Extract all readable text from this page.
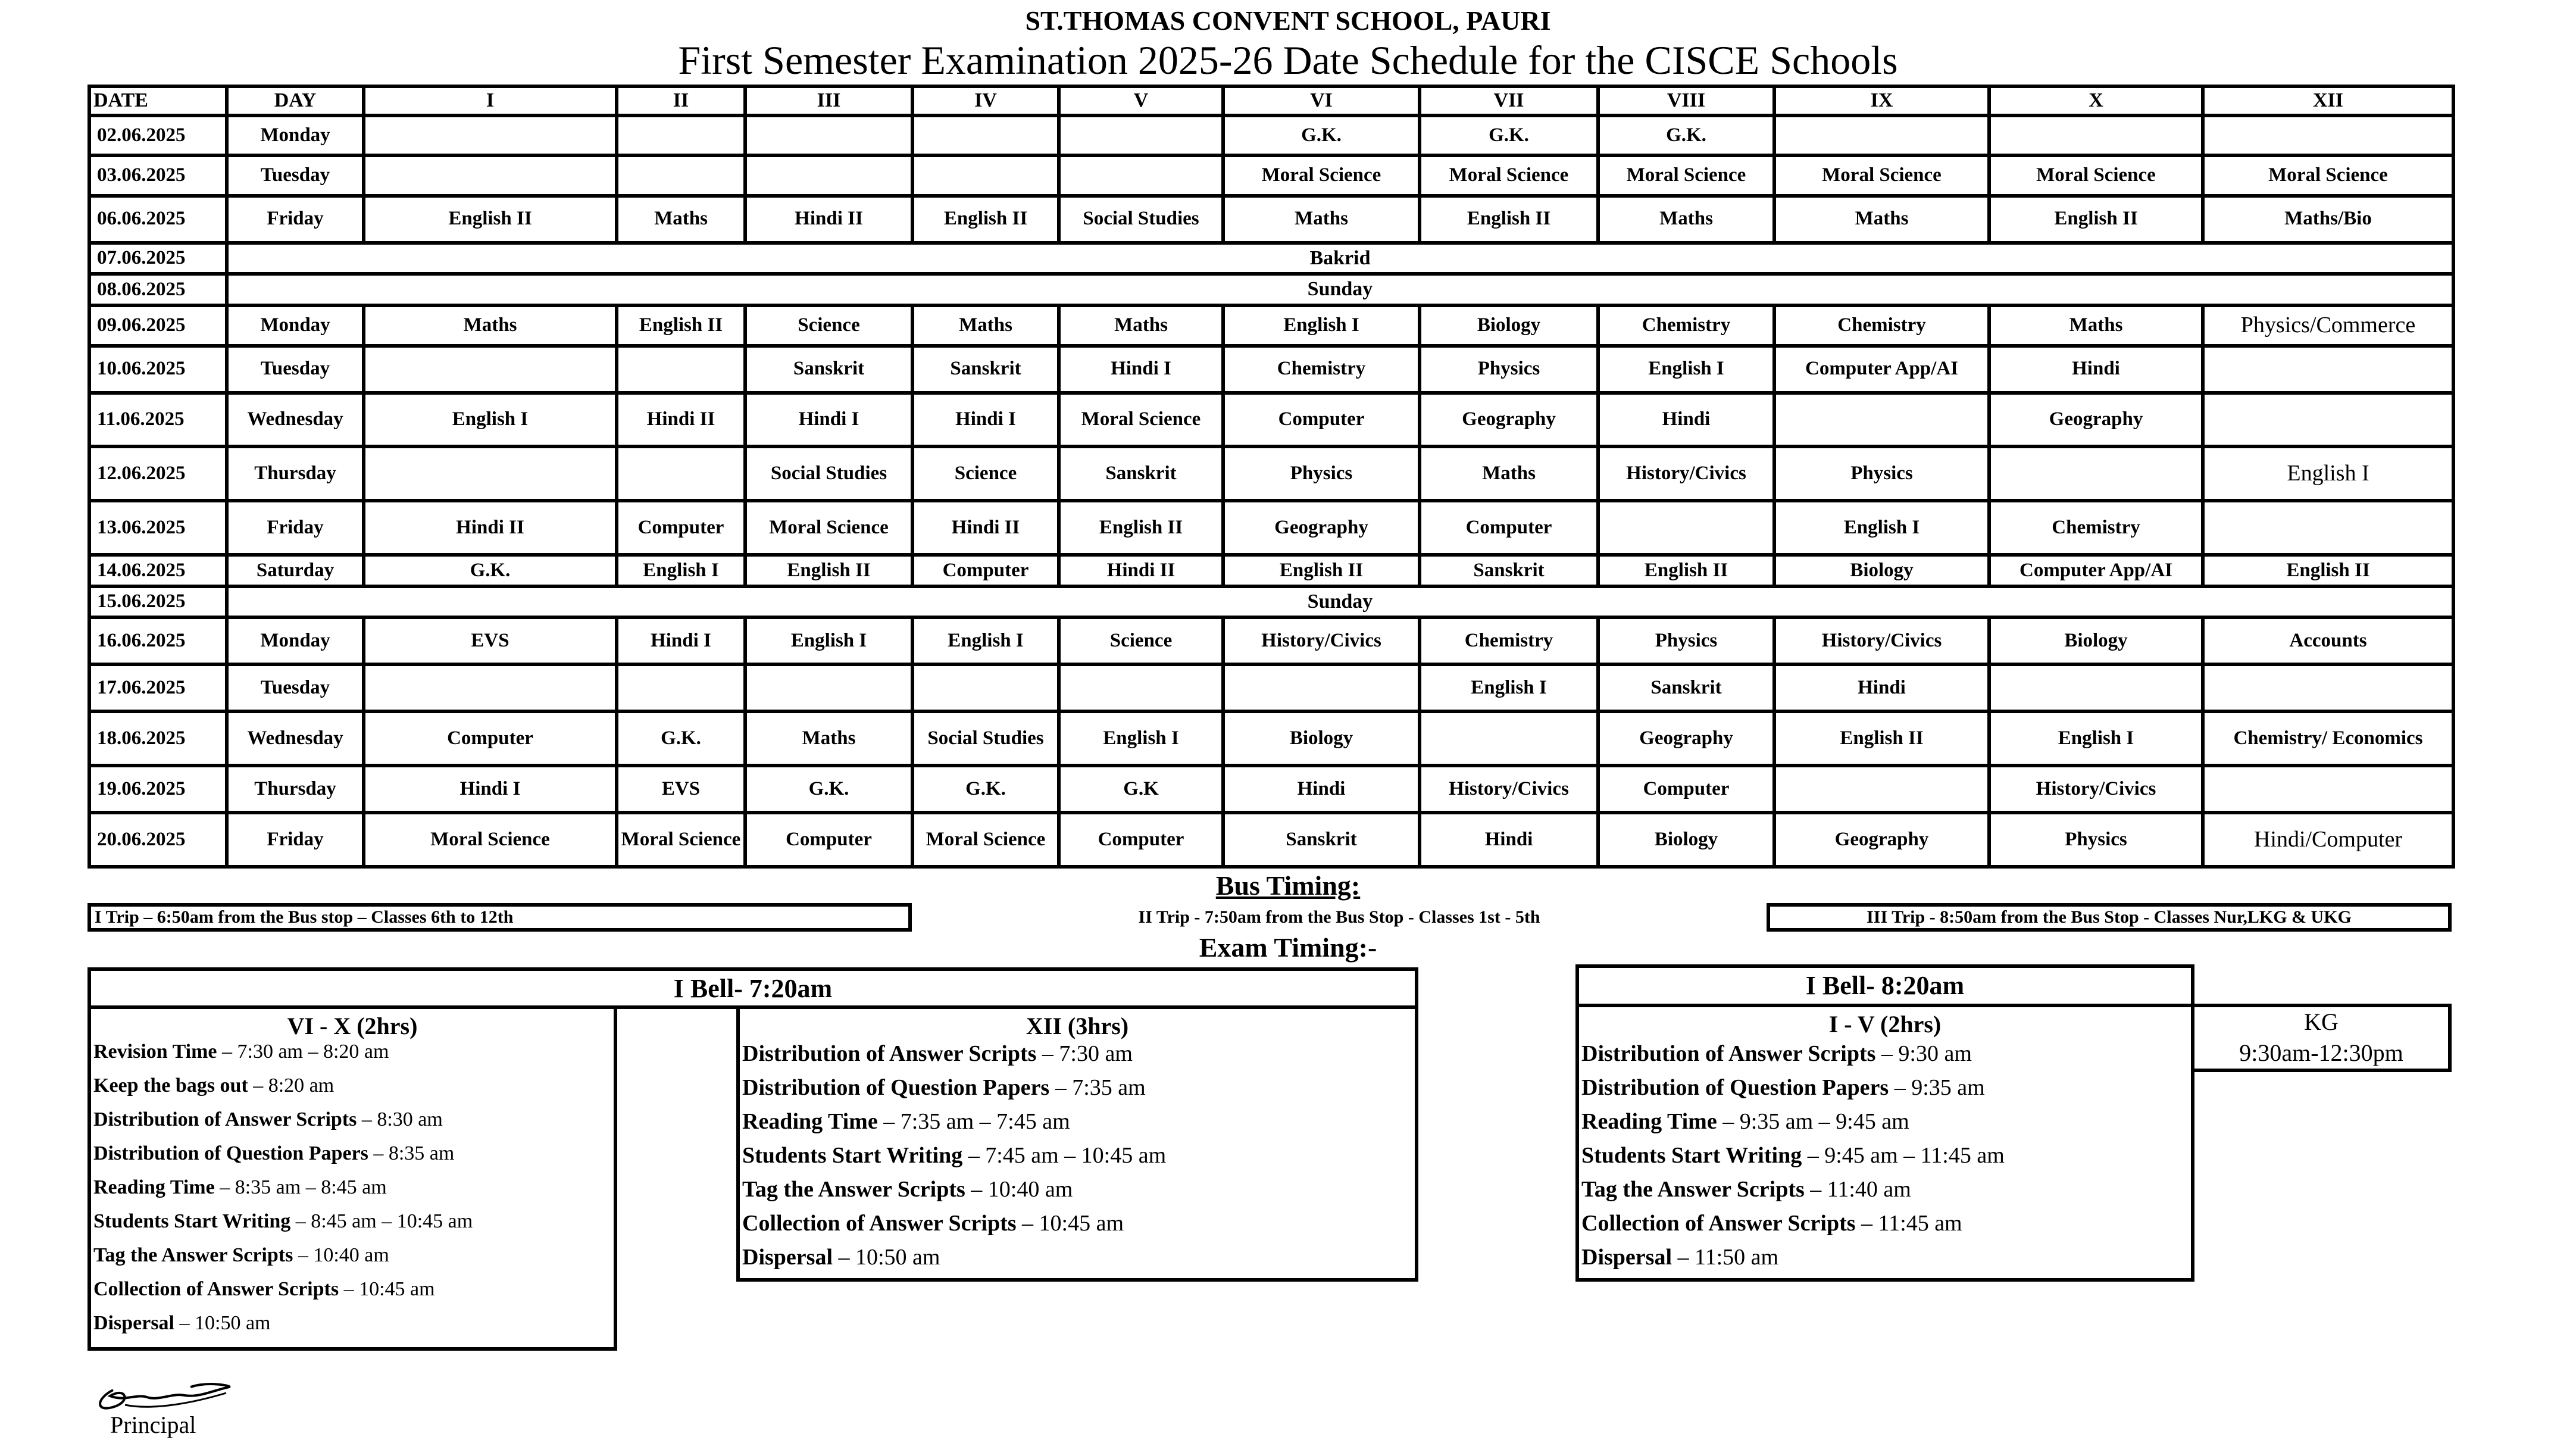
ST.THOMAS CONVENT SCHOOL, PAURI
First Semester Examination 2025-26 Date Schedule for the CISCE Schools
DATE	DAY	I	II	III	IV	V	VI	VII	VIII	IX	X	XII
02.06.2025	Monday						G.K.	G.K.	G.K.			
03.06.2025	Tuesday						Moral Science	Moral Science	Moral Science	Moral Science	Moral Science	Moral Science
06.06.2025	Friday	English II	Maths	Hindi II	English II	Social Studies	Maths	English II	Maths	Maths	English II	Maths/Bio
07.06.2025	Bakrid											
08.06.2025	Sunday											
09.06.2025	Monday	Maths	English II	Science	Maths	Maths	English I	Biology	Chemistry	Chemistry	Maths	Physics/Commerce
10.06.2025	Tuesday			Sanskrit	Sanskrit	Hindi I	Chemistry	Physics	English I	Computer App/AI	Hindi	
11.06.2025	Wednesday	English I	Hindi II	Hindi I	Hindi I	Moral Science	Computer	Geography	Hindi		Geography	
12.06.2025	Thursday			Social Studies	Science	Sanskrit	Physics	Maths	History/Civics	Physics		English I
13.06.2025	Friday	Hindi II	Computer	Moral Science	Hindi II	English II	Geography	Computer		English I	Chemistry	
14.06.2025	Saturday	G.K.	English I	English II	Computer	Hindi II	English II	Sanskrit	English II	Biology	Computer App/AI	English II
15.06.2025	Sunday											
16.06.2025	Monday	EVS	Hindi I	English I	English I	Science	History/Civics	Chemistry	Physics	History/Civics	Biology	Accounts
17.06.2025	Tuesday							English I	Sanskrit	Hindi		
18.06.2025	Wednesday	Computer	G.K.	Maths	Social Studies	English I	Biology		Geography	English II	English I	Chemistry/ Economics
19.06.2025	Thursday	Hindi I	EVS	G.K.	G.K.	G.K	Hindi	History/Civics	Computer		History/Civics	
20.06.2025	Friday	Moral Science	Moral Science	Computer	Moral Science	Computer	Sanskrit	Hindi	Biology	Geography	Physics	Hindi/Computer
Bus Timing:
I Trip – 6:50am from the Bus stop – Classes 6th to 12th	II Trip - 7:50am from the Bus Stop - Classes 1st - 5th	III Trip - 8:50am from the Bus Stop - Classes Nur,LKG & UKG
Exam Timing:-
I Bell- 7:20am
VI - X (2hrs)
Revision Time – 7:30 am – 8:20 am
Keep the bags out – 8:20 am
Distribution of Answer Scripts – 8:30 am
Distribution of Question Papers – 8:35 am
Reading Time – 8:35 am – 8:45 am
Students Start Writing – 8:45 am – 10:45 am
Tag the Answer Scripts – 10:40 am
Collection of Answer Scripts – 10:45 am
Dispersal – 10:50 am
XII (3hrs)
Distribution of Answer Scripts – 7:30 am
Distribution of Question Papers – 7:35 am
Reading Time – 7:35 am – 7:45 am
Students Start Writing – 7:45 am – 10:45 am
Tag the Answer Scripts – 10:40 am
Collection of Answer Scripts – 10:45 am
Dispersal – 10:50 am
I Bell- 8:20am
I - V (2hrs)
Distribution of Answer Scripts – 9:30 am
Distribution of Question Papers – 9:35 am
Reading Time – 9:35 am – 9:45 am
Students Start Writing – 9:45 am – 11:45 am
Tag the Answer Scripts – 11:40 am
Collection of Answer Scripts – 11:45 am
Dispersal – 11:50 am
KG
9:30am-12:30pm
Principal
